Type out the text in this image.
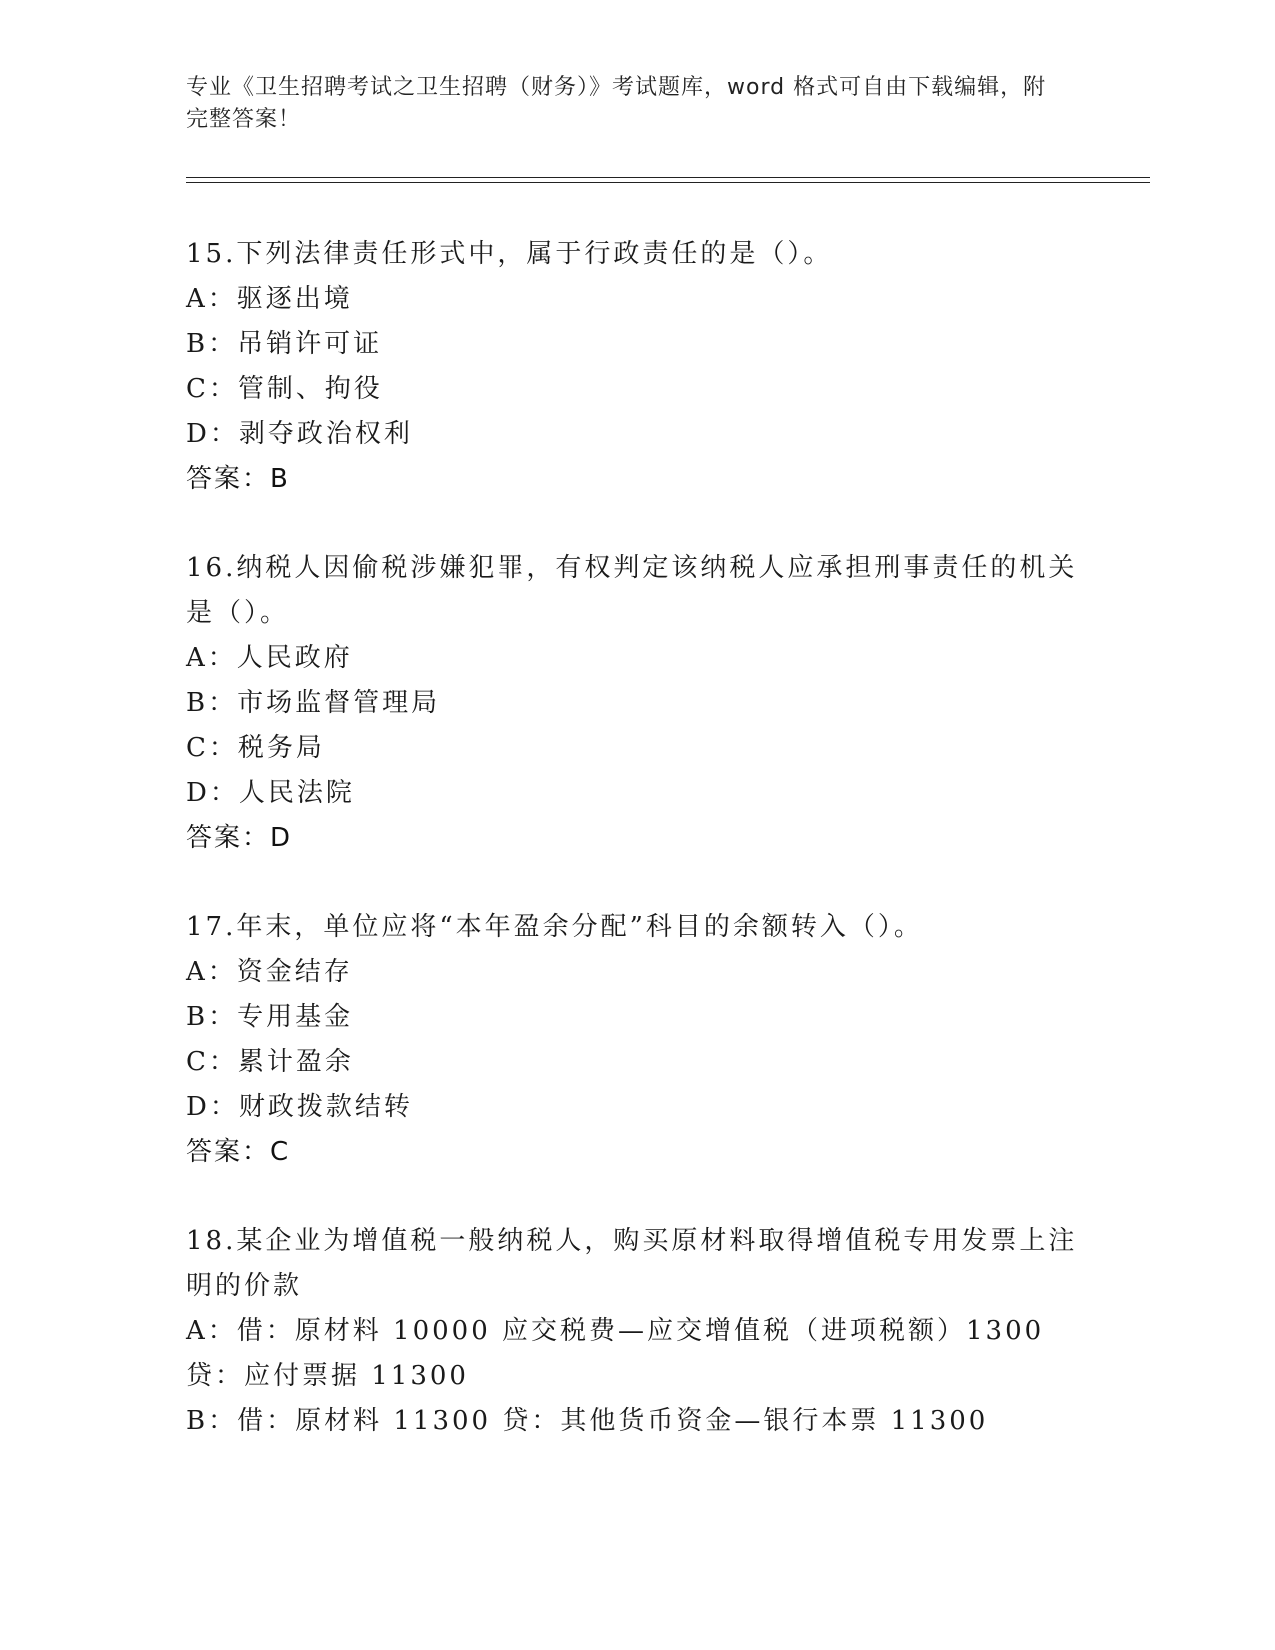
专业《卫生招聘考试之卫生招聘（财务）》考试题库，word 格式可自由下载编辑，附完整答案！

15.下列法律责任形式中，属于行政责任的是（）。

A：驱逐出境

B：吊销许可证

C：管制、拘役

D：剥夺政治权利

答案：B

16.纳税人因偷税涉嫌犯罪，有权判定该纳税人应承担刑事责任的机关是（）。

A：人民政府

B：市场监督管理局

C：税务局

D：人民法院

答案：D

17.年末，单位应将“本年盈余分配”科目的余额转入（）。

A：资金结存

B：专用基金

C：累计盈余

D：财政拨款结转

答案：C

18.某企业为增值税一般纳税人，购买原材料取得增值税专用发票上注明的价款

A：借：原材料 10000 应交税费—应交增值税（进项税额）1300 贷：应付票据 11300

B：借：原材料 11300 贷：其他货币资金—银行本票 11300
